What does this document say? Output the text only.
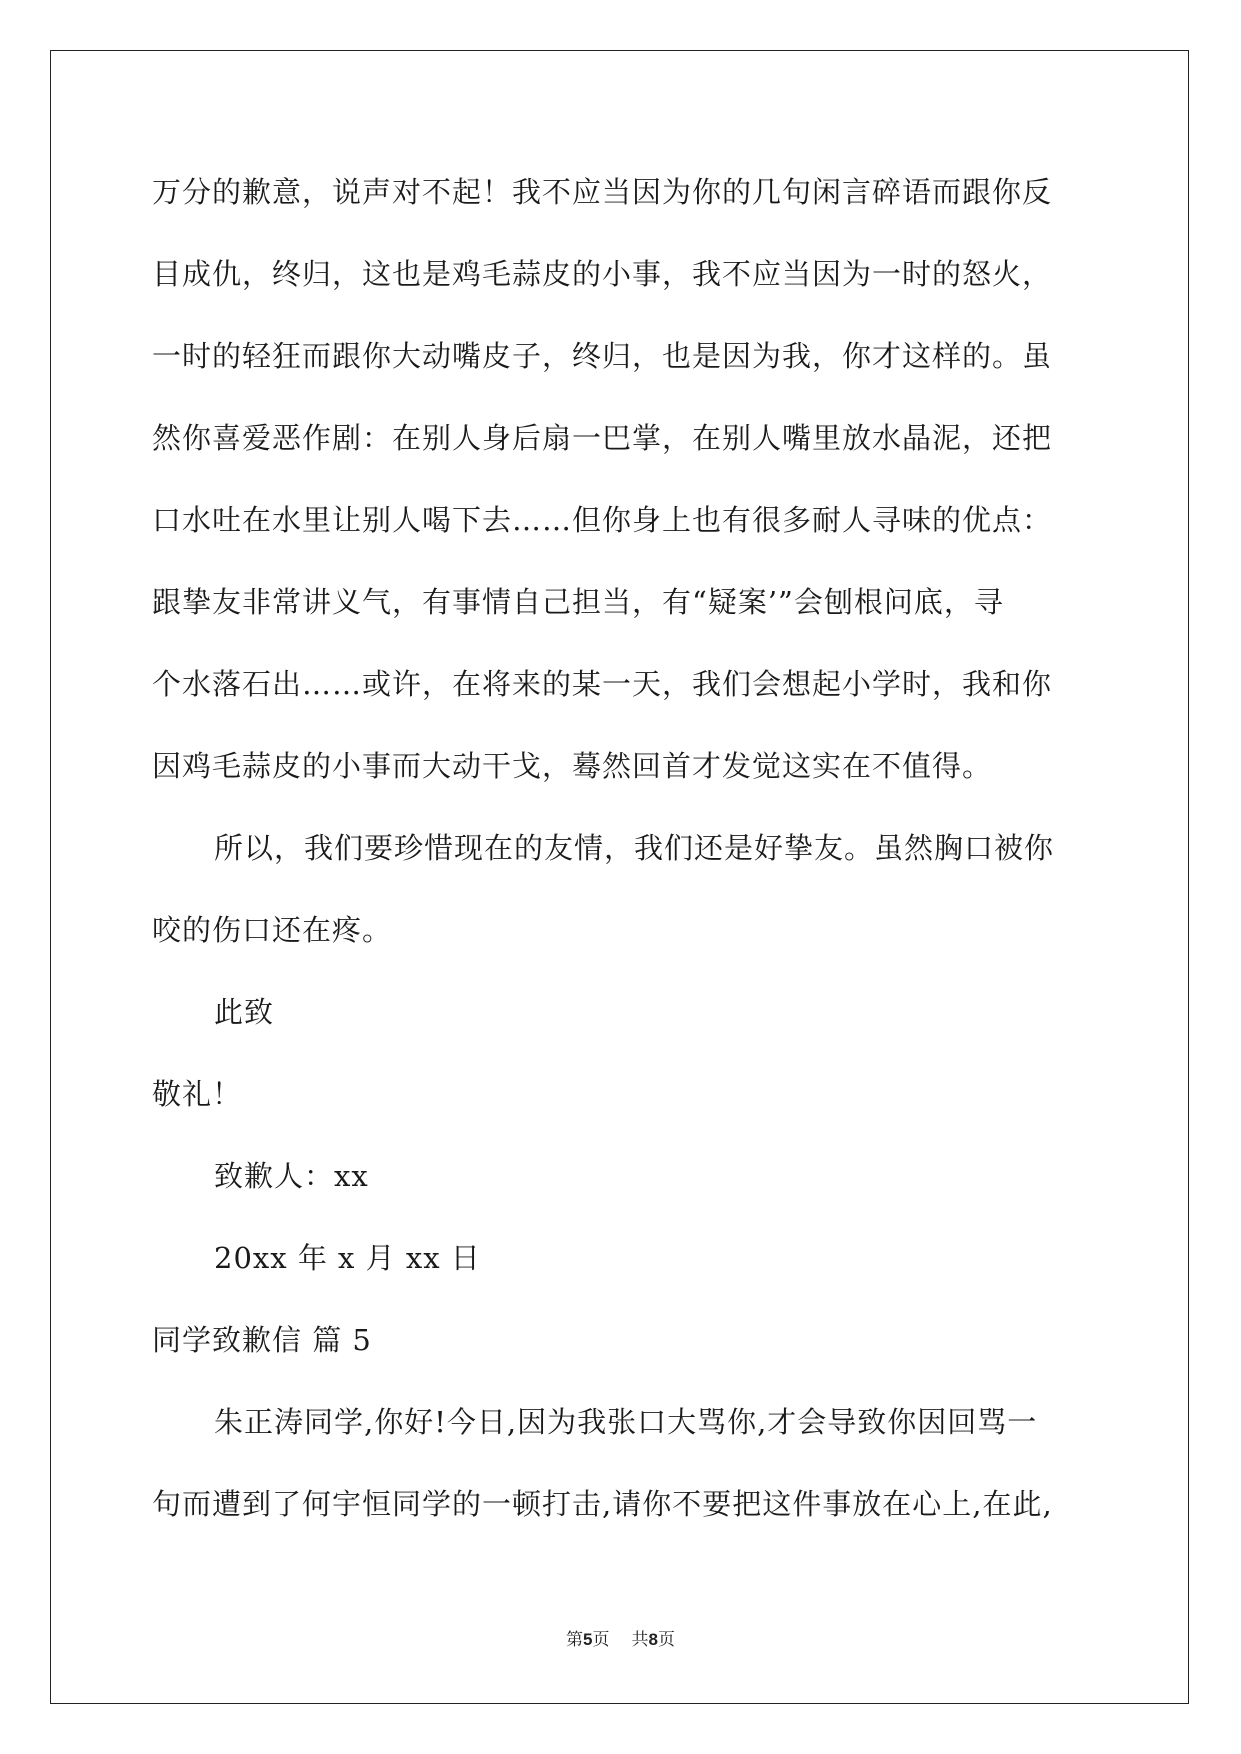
万分的歉意，说声对不起！我不应当因为你的几句闲言碎语而跟你反
目成仇，终归，这也是鸡毛蒜皮的小事，我不应当因为一时的怒火，
一时的轻狂而跟你大动嘴皮子，终归，也是因为我，你才这样的。虽
然你喜爱恶作剧：在别人身后扇一巴掌，在别人嘴里放水晶泥，还把
口水吐在水里让别人喝下去……但你身上也有很多耐人寻味的优点：
跟挚友非常讲义气，有事情自己担当，有“疑案’”会刨根问底，寻
个水落石出……或许，在将来的某一天，我们会想起小学时，我和你
因鸡毛蒜皮的小事而大动干戈，蓦然回首才发觉这实在不值得。
所以，我们要珍惜现在的友情，我们还是好挚友。虽然胸口被你
咬的伤口还在疼。
此致
敬礼！
致歉人：xx
20xx 年 x 月 xx 日
同学致歉信 篇 5
朱正涛同学,你好!今日,因为我张口大骂你,才会导致你因回骂一
句而遭到了何宇恒同学的一顿打击,请你不要把这件事放在心上,在此,
第5页 共8页
